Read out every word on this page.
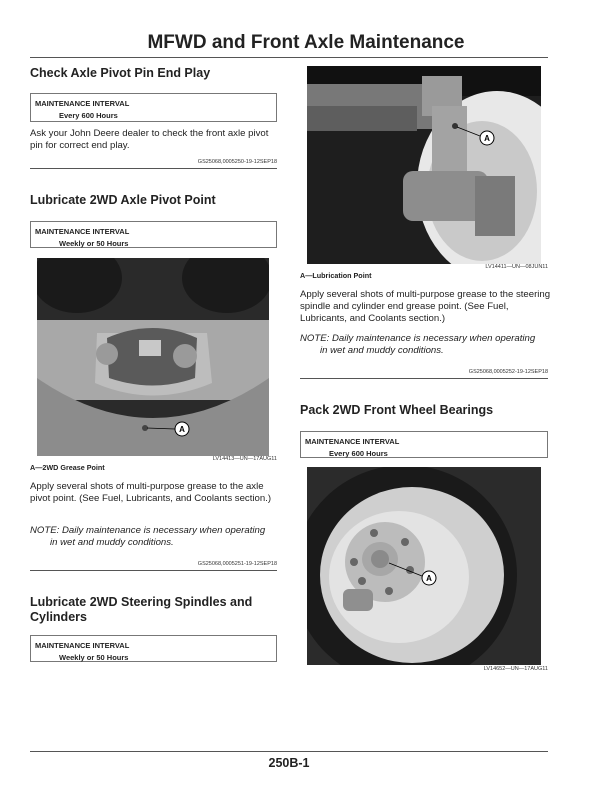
MFWD and Front Axle Maintenance
Check Axle Pivot Pin End Play
MAINTENANCE INTERVAL
Every 600 Hours
Ask your John Deere dealer to check the front axle pivot pin for correct end play.
GS25068,0005250-19-12SEP18
Lubricate 2WD Axle Pivot Point
MAINTENANCE INTERVAL
Weekly or 50 Hours
A
LV14413—UN—17AUG11
A—2WD Grease Point
Apply several shots of multi-purpose grease to the axle pivot point. (See Fuel, Lubricants, and Coolants section.)
NOTE: Daily maintenance is necessary when operating
in wet and muddy conditions.
GS25068,0005251-19-12SEP18
Lubricate 2WD Steering Spindles and
Cylinders
MAINTENANCE INTERVAL
Weekly or 50 Hours
A
LV14411—UN—08JUN11
A—Lubrication Point
Apply several shots of multi-purpose grease to the steering spindle and cylinder end grease point. (See Fuel, Lubricants, and Coolants section.)
NOTE: Daily maintenance is necessary when operating
in wet and muddy conditions.
GS25068,0005252-19-12SEP18
Pack 2WD Front Wheel Bearings
MAINTENANCE INTERVAL
Every 600 Hours
A
LV14652—UN—17AUG11
250B-1
